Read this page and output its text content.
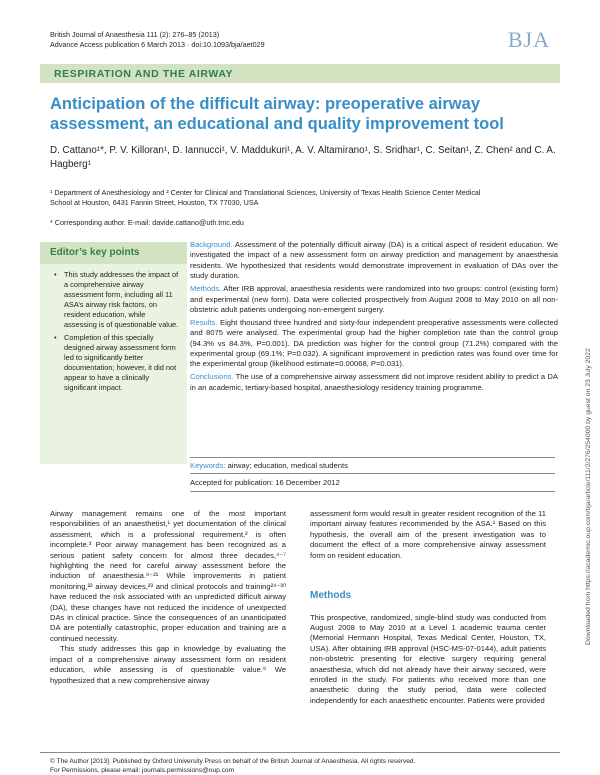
British Journal of Anaesthesia 111 (2): 276–85 (2013)
Advance Access publication 6 March 2013 · doi:10.1093/bja/aet029	BJA
RESPIRATION AND THE AIRWAY
Anticipation of the difficult airway: preoperative airway assessment, an educational and quality improvement tool
D. Cattano¹*, P. V. Killoran¹, D. Iannucci¹, V. Maddukuri¹, A. V. Altamirano¹, S. Sridhar¹, C. Seitan¹, Z. Chen² and C. A. Hagberg¹
¹ Department of Anesthesiology and ² Center for Clinical and Translational Sciences, University of Texas Health Science Center Medical
School at Houston, 6431 Fannin Street, Houston, TX 77030, USA
* Corresponding author. E-mail: davide.cattano@uth.tmc.edu
Editor’s key points
• This study addresses the impact of a comprehensive airway assessment form, including all 11 ASA’s airway risk factors, on resident education, while assessing is of questionable value.
• Completion of this specially designed airway assessment form led to significantly better documentation; however, it did not appear to have a clinically significant impact.

Background. Assessment of the potentially difficult airway (DA) is a critical aspect of resident education. We investigated the impact of a new assessment form on airway prediction and management by anaesthesia residents. We hypothesized that residents would demonstrate improvement in evaluation of DAs over the study duration.

Methods. After IRB approval, anaesthesia residents were randomized into two groups: control (existing form) and experimental (new form). Data were collected prospectively from August 2008 to May 2010 on all non-obstetric adult patients undergoing non-emergent surgery.

Results. Eight thousand three hundred and sixty-four independent preoperative assessments were collected and 8075 were analysed. The experimental group had the higher completion rate than the control group (94.3% vs 84.3%, P=0.001). DA prediction was higher for the control group (71.2%) compared with the experimental group (69.1%; P=0.032). A significant improvement in prediction rates was found over time for the experimental group (likelihood estimate=0.00068, P=0.031).

Conclusions. The use of a comprehensive airway assessment did not improve resident ability to predict a DA in an academic, tertiary-based hospital, anaesthesiology residency training programme.

Keywords: airway; education, medical students
Accepted for publication: 16 December 2012

Airway management remains one of the most important responsibilities of an anaesthetist,¹ yet documentation of the clinical assessment, which is a professional requirement,² is often incomplete.³ Poor airway management has been recognized as a serious patient safety concern for almost three decades,⁴⁻⁷ highlighting the need for careful airway assessment before the induction of anaesthesia.⁸⁻²¹ While improvements in patient monitoring,²² airway devices,²³ and clinical protocols and training²⁴⁻³⁰ have reduced the risk associated with an unpredicted difficult airway (DA), these changes have not reduced the incidence of unexpected DAs in clinical practice. Since the consequences of an unanticipated DA are potentially catastrophic, proper education and training are a continued necessity.

This study addresses this gap in knowledge by evaluating the impact of a comprehensive airway assessment form on resident education, while assessing is of questionable value.⁸ We hypothesized that a new comprehensive airway

assessment form would result in greater resident recognition of the 11 important airway features recommended by the ASA.¹ Based on this hypothesis, the overall aim of the present investigation was to document the effect of a more comprehensive airway assessment form on resident education.

Methods

This prospective, randomized, single-blind study was conducted from August 2008 to May 2010 at a Level 1 academic trauma center (Memorial Hermann Hospital, Texas Medical Center, Houston, TX, USA). After obtaining IRB approval (HSC-MS-07-0144), adult patients non-obstetric presenting for elective surgery requiring general anaesthesia, which did not already have their airway secured, were enrolled in the study. For patients who received more than one anaesthetic during the study period, data were collected independently for each anaesthetic encounter. Patients were provided

© The Author [2013]. Published by Oxford University Press on behalf of the British Journal of Anaesthesia. All rights reserved.
For Permissions, please email: journals.permissions@oup.com
Downloaded from https://academic.oup.com/bja/article/111/2/276/254000 by guest on 23 July 2022
